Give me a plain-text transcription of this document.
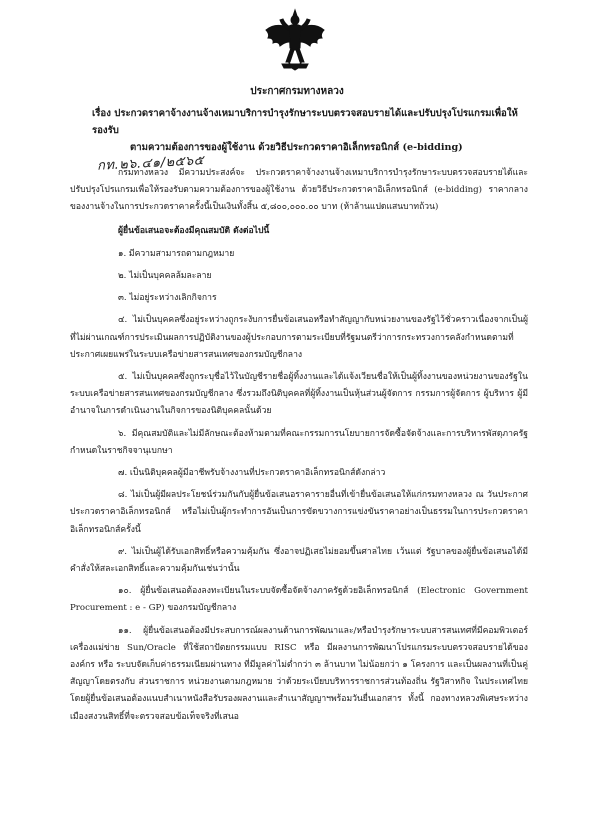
ประกาศกรมทางหลวง
เรื่อง ประกวดราคาจ้างงานจ้างเหมาบริการบำรุงรักษาระบบตรวจสอบรายได้และปรับปรุงโปรแกรมเพื่อให้รองรับ
ตามความต้องการของผู้ใช้งาน ด้วยวิธีประกวดราคาอิเล็กทรอนิกส์ (e-bidding)
กท.๒๖.๔๑/๒๕๖๕

กรมทางหลวง มีความประสงค์จะ ประกวดราคาจ้างงานจ้างเหมาบริการบำรุงรักษาระบบตรวจสอบรายได้และปรับปรุงโปรแกรมเพื่อให้รองรับตามความต้องการของผู้ใช้งาน ด้วยวิธีประกวดราคาอิเล็กทรอนิกส์ (e-bidding) ราคากลางของงานจ้างในการประกวดราคาครั้งนี้เป็นเงินทั้งสิ้น ๕,๘๐๐,๐๐๐.๐๐ บาท (ห้าล้านแปดแสนบาทถ้วน)

ผู้ยื่นข้อเสนอจะต้องมีคุณสมบัติ ดังต่อไปนี้

๑. มีความสามารถตามกฎหมาย

๒. ไม่เป็นบุคคลล้มละลาย

๓. ไม่อยู่ระหว่างเลิกกิจการ

๔. ไม่เป็นบุคคลซึ่งอยู่ระหว่างถูกระงับการยื่นข้อเสนอหรือทำสัญญากับหน่วยงานของรัฐไว้ชั่วคราวเนื่องจากเป็นผู้ที่ไม่ผ่านเกณฑ์การประเมินผลการปฏิบัติงานของผู้ประกอบการตามระเบียบที่รัฐมนตรีว่าการกระทรวงการคลังกำหนดตามที่ประกาศเผยแพร่ในระบบเครือข่ายสารสนเทศของกรมบัญชีกลาง

๕. ไม่เป็นบุคคลซึ่งถูกระบุชื่อไว้ในบัญชีรายชื่อผู้ทิ้งงานและได้แจ้งเวียนชื่อให้เป็นผู้ทิ้งงานของหน่วยงานของรัฐในระบบเครือข่ายสารสนเทศของกรมบัญชีกลาง ซึ่งรวมถึงนิติบุคคลที่ผู้ทิ้งงานเป็นหุ้นส่วนผู้จัดการ กรรมการผู้จัดการ ผู้บริหาร ผู้มีอำนาจในการดำเนินงานในกิจการของนิติบุคคลนั้นด้วย

๖. มีคุณสมบัติและไม่มีลักษณะต้องห้ามตามที่คณะกรรมการนโยบายการจัดซื้อจัดจ้างและการบริหารพัสดุภาครัฐกำหนดในราชกิจจานุเบกษา

๗. เป็นนิติบุคคลผู้มีอาชีพรับจ้างงานที่ประกวดราคาอิเล็กทรอนิกส์ดังกล่าว

๘. ไม่เป็นผู้มีผลประโยชน์ร่วมกันกับผู้ยื่นข้อเสนอราคารายอื่นที่เข้ายื่นข้อเสนอให้แก่กรมทางหลวง ณ วันประกาศประกวดราคาอิเล็กทรอนิกส์ หรือไม่เป็นผู้กระทำการอันเป็นการขัดขวางการแข่งขันราคาอย่างเป็นธรรมในการประกวดราคาอิเล็กทรอนิกส์ครั้งนี้

๙. ไม่เป็นผู้ได้รับเอกสิทธิ์หรือความคุ้มกัน ซึ่งอาจปฏิเสธไม่ยอมขึ้นศาลไทย เว้นแต่ รัฐบาลของผู้ยื่นข้อเสนอได้มีคำสั่งให้สละเอกสิทธิ์และความคุ้มกันเช่นว่านั้น

๑๐. ผู้ยื่นข้อเสนอต้องลงทะเบียนในระบบจัดซื้อจัดจ้างภาครัฐด้วยอิเล็กทรอนิกส์ (Electronic Government Procurement : e - GP) ของกรมบัญชีกลาง

๑๑. ผู้ยื่นข้อเสนอต้องมีประสบการณ์ผลงานด้านการพัฒนาและ/หรือบำรุงรักษาระบบสารสนเทศที่มีคอมพิวเตอร์เครื่องแม่ข่าย Sun/Oracle ที่ใช้สถาปัตยกรรมแบบ RISC หรือ มีผลงานการพัฒนาโปรแกรมระบบตรวจสอบรายได้ขององค์กร หรือ ระบบจัดเก็บค่าธรรมเนียมผ่านทาง ที่มีมูลค่าไม่ต่ำกว่า ๓ ล้านบาท ไม่น้อยกว่า ๑ โครงการ และเป็นผลงานที่เป็นคู่สัญญาโดยตรงกับ ส่วนราชการ หน่วยงานตามกฎหมาย ว่าด้วยระเบียบบริหารราชการส่วนท้องถิ่น รัฐวิสาหกิจ ในประเทศไทย โดยผู้ยื่นข้อเสนอต้องแนบสำเนาหนังสือรับรองผลงานและสำเนาสัญญาฯพร้อมวันยื่นเอกสาร ทั้งนี้ กองทางหลวงพิเศษระหว่างเมืองสงวนสิทธิ์ที่จะตรวจสอบข้อเท็จจริงที่เสนอ
